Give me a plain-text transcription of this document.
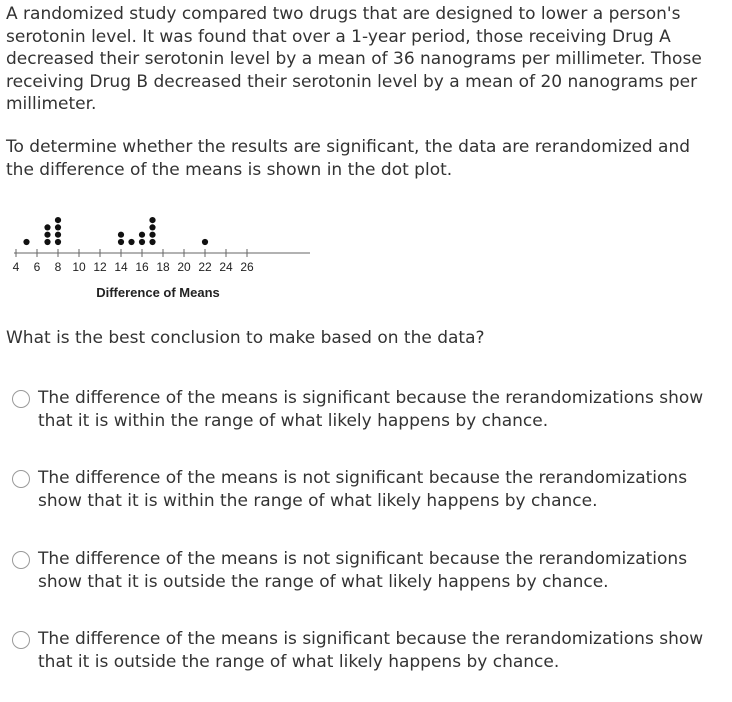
A randomized study compared two drugs that are designed to lower a person's serotonin level. It was found that over a 1-year period, those receiving Drug A decreased their serotonin level by a mean of 36 nanograms per millimeter. Those receiving Drug B decreased their serotonin level by a mean of 20 nanograms per millimeter.

To determine whether the results are significant, the data are rerandomized and the difference of the means is shown in the dot plot.

4 6 8 10 12 14 16 18 20 22 24 26
Difference of Means

What is the best conclusion to make based on the data?

The difference of the means is significant because the rerandomizations show that it is within the range of what likely happens by chance.
The difference of the means is not significant because the rerandomizations show that it is within the range of what likely happens by chance.
The difference of the means is not significant because the rerandomizations show that it is outside the range of what likely happens by chance.
The difference of the means is significant because the rerandomizations show that it is outside the range of what likely happens by chance.
